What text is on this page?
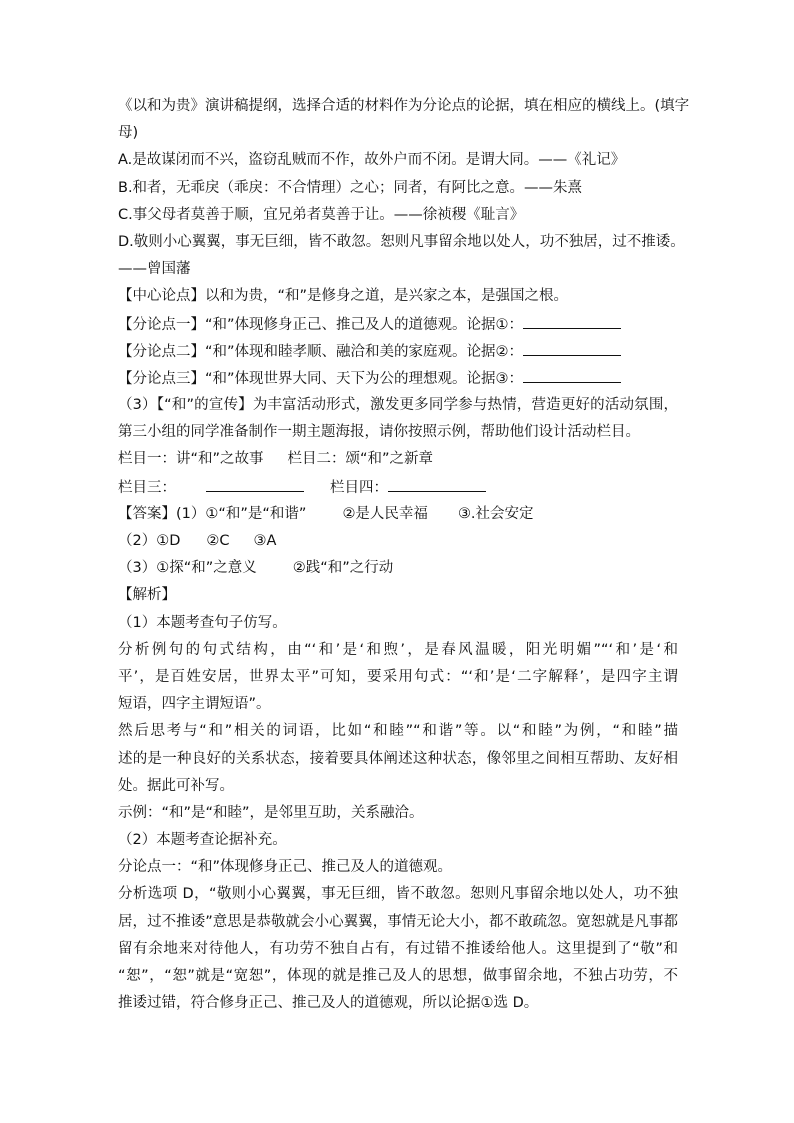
《以和为贵》演讲稿提纲，选择合适的材料作为分论点的论据，填在相应的横线上。(填字
母)
A.是故谋闭而不兴，盗窃乱贼而不作，故外户而不闭。是谓大同。——《礼记》
B.和者，无乖戾（乖戾：不合情理）之心；同者，有阿比之意。——朱熹
C.事父母者莫善于顺，宜兄弟者莫善于让。——徐祯稷《耻言》
D.敬则小心翼翼，事无巨细，皆不敢忽。恕则凡事留余地以处人，功不独居，过不推诿。
——曾国藩
【中心论点】以和为贵，“和”是修身之道，是兴家之本，是强国之根。
【分论点一】“和”体现修身正己、推己及人的道德观。论据①：
【分论点二】“和”体现和睦孝顺、融洽和美的家庭观。论据②：
【分论点三】“和”体现世界大同、天下为公的理想观。论据③：
（3）【“和”的宣传】为丰富活动形式，激发更多同学参与热情，营造更好的活动氛围，
第三小组的同学准备制作一期主题海报，请你按照示例，帮助他们设计活动栏目。
栏目一：讲“和”之故事 栏目二：颂“和”之新章
栏目三：	栏目四：
【答案】(1）①“和”是“和谐” ②是人民幸福 ③.社会安定
（2）①D ②C ③A
（3）①探“和”之意义 ②践“和”之行动
【解析】
（1）本题考查句子仿写。
分析例句的句式结构，由“‘和’是‘和煦’，是春风温暖，阳光明媚”“‘和’是‘和
平’，是百姓安居，世界太平”可知，要采用句式：“‘和’是‘二字解释’，是四字主谓
短语，四字主谓短语”。
然后思考与“和”相关的词语，比如“和睦”“和谐”等。以“和睦”为例，“和睦”描
述的是一种良好的关系状态，接着要具体阐述这种状态，像邻里之间相互帮助、友好相
处。据此可补写。
示例：“和”是“和睦”，是邻里互助，关系融洽。
（2）本题考查论据补充。
分论点一：“和”体现修身正己、推己及人的道德观。
分析选项 D，“敬则小心翼翼，事无巨细，皆不敢忽。恕则凡事留余地以处人，功不独
居，过不推诿”意思是恭敬就会小心翼翼，事情无论大小，都不敢疏忽。宽恕就是凡事都
留有余地来对待他人，有功劳不独自占有，有过错不推诿给他人。这里提到了“敬”和
“恕”，“恕”就是“宽恕”，体现的就是推己及人的思想，做事留余地，不独占功劳，不
推诿过错，符合修身正己、推己及人的道德观，所以论据①选 D。
